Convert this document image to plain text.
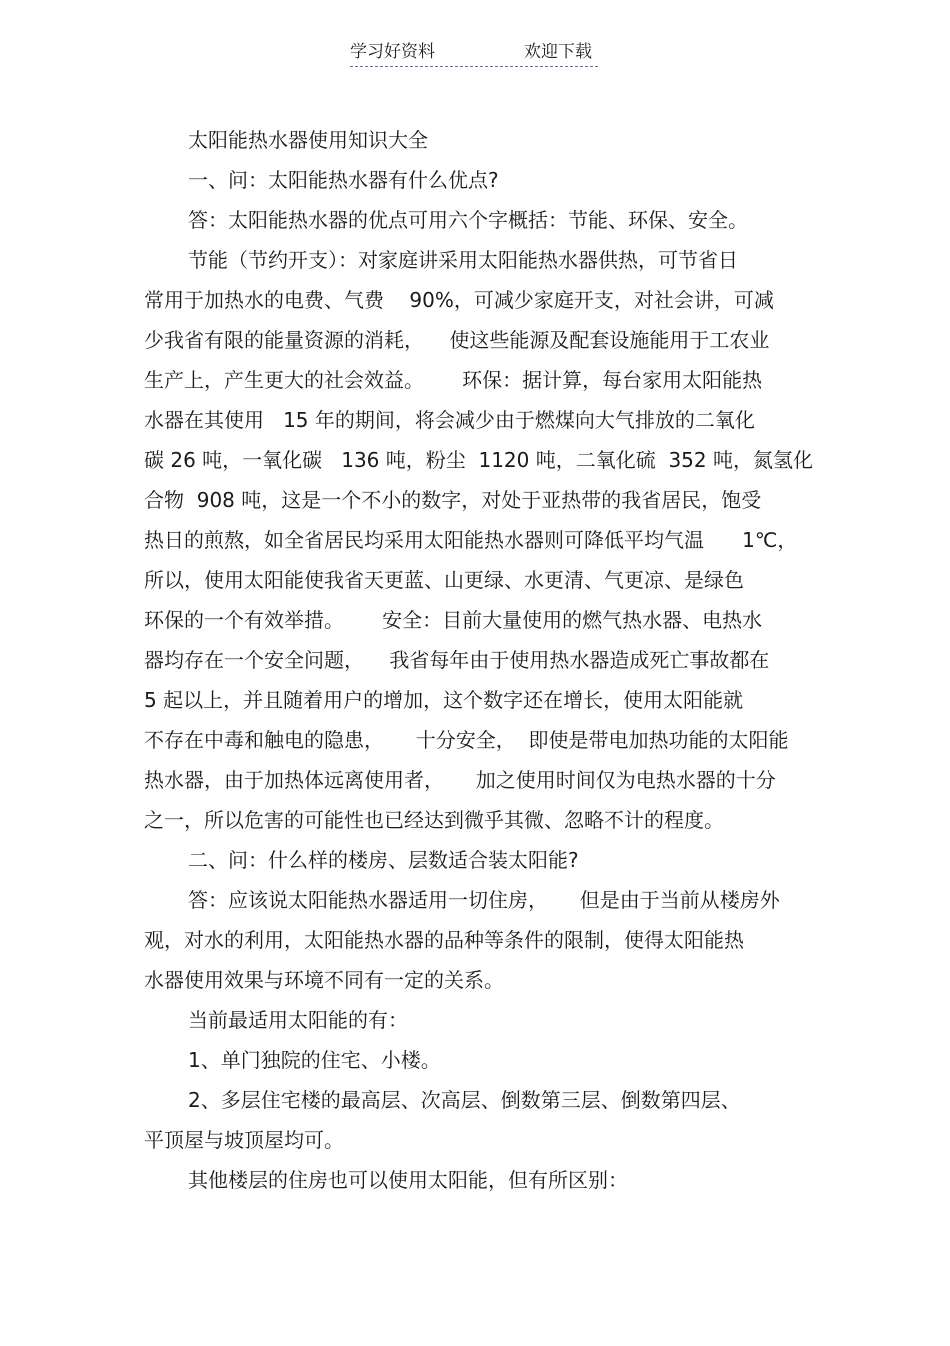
学习好资料	欢迎下载
太阳能热水器使用知识大全
一、问：太阳能热水器有什么优点?
答：太阳能热水器的优点可用六个字概括：节能、环保、安全。
节能（节约开支）：对家庭讲采用太阳能热水器供热，可节省日
常用于加热水的电费、气费    90%，可减少家庭开支，对社会讲，可减
少我省有限的能量资源的消耗，    使这些能源及配套设施能用于工农业
生产上，产生更大的社会效益。      环保：据计算，每台家用太阳能热
水器在其使用   15 年的期间，将会减少由于燃煤向大气排放的二氧化
碳 26 吨，一氧化碳   136 吨，粉尘  1120 吨，二氧化硫  352 吨，氮氢化
合物  908 吨，这是一个不小的数字，对处于亚热带的我省居民，饱受
热日的煎熬，如全省居民均采用太阳能热水器则可降低平均气温      1℃，
所以，使用太阳能使我省天更蓝、山更绿、水更清、气更凉、是绿色
环保的一个有效举措。      安全：目前大量使用的燃气热水器、电热水
器均存在一个安全问题，    我省每年由于使用热水器造成死亡事故都在
5 起以上，并且随着用户的增加，这个数字还在增长，使用太阳能就
不存在中毒和触电的隐患，     十分安全，  即使是带电加热功能的太阳能
热水器，由于加热体远离使用者，     加之使用时间仅为电热水器的十分
之一，所以危害的可能性也已经达到微乎其微、忽略不计的程度。
二、问：什么样的楼房、层数适合装太阳能?
答：应该说太阳能热水器适用一切住房，     但是由于当前从楼房外
观，对水的利用，太阳能热水器的品种等条件的限制，使得太阳能热
水器使用效果与环境不同有一定的关系。
当前最适用太阳能的有：
1、单门独院的住宅、小楼。
2、多层住宅楼的最高层、次高层、倒数第三层、倒数第四层、
平顶屋与坡顶屋均可。
其他楼层的住房也可以使用太阳能，但有所区别：
